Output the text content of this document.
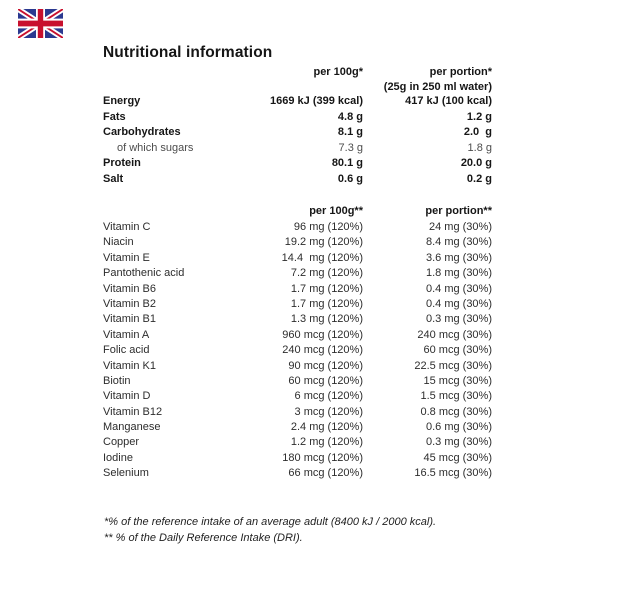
Nutritional information
per 100g*	per portion*
(25g in 250 ml water)
Energy	1669 kJ (399 kcal)	417 kJ (100 kcal)
Fats	4.8 g	1.2 g
Carbohydrates	8.1 g	2.0  g
of which sugars	7.3 g	1.8 g
Protein	80.1 g	20.0 g
Salt	0.6 g	0.2 g
per 100g**	per portion**
Vitamin C	96 mg (120%)	24 mg (30%)
Niacin	19.2 mg (120%)	8.4 mg (30%)
Vitamin E	14.4  mg (120%)	3.6 mg (30%)
Pantothenic acid	7.2 mg (120%)	1.8 mg (30%)
Vitamin B6	1.7 mg (120%)	0.4 mg (30%)
Vitamin B2	1.7 mg (120%)	0.4 mg (30%)
Vitamin B1	1.3 mg (120%)	0.3 mg (30%)
Vitamin A	960 mcg (120%)	240 mcg (30%)
Folic acid	240 mcg (120%)	60 mcg (30%)
Vitamin K1	90 mcg (120%)	22.5 mcg (30%)
Biotin	60 mcg (120%)	15 mcg (30%)
Vitamin D	6 mcg (120%)	1.5 mcg (30%)
Vitamin B12	3 mcg (120%)	0.8 mcg (30%)
Manganese	2.4 mg (120%)	0.6 mg (30%)
Copper	1.2 mg (120%)	0.3 mg (30%)
Iodine	180 mcg (120%)	45 mcg (30%)
Selenium	66 mcg (120%)	16.5 mcg (30%)
*% of the reference intake of an average adult (8400 kJ / 2000 kcal).
** % of the Daily Reference Intake (DRI).
